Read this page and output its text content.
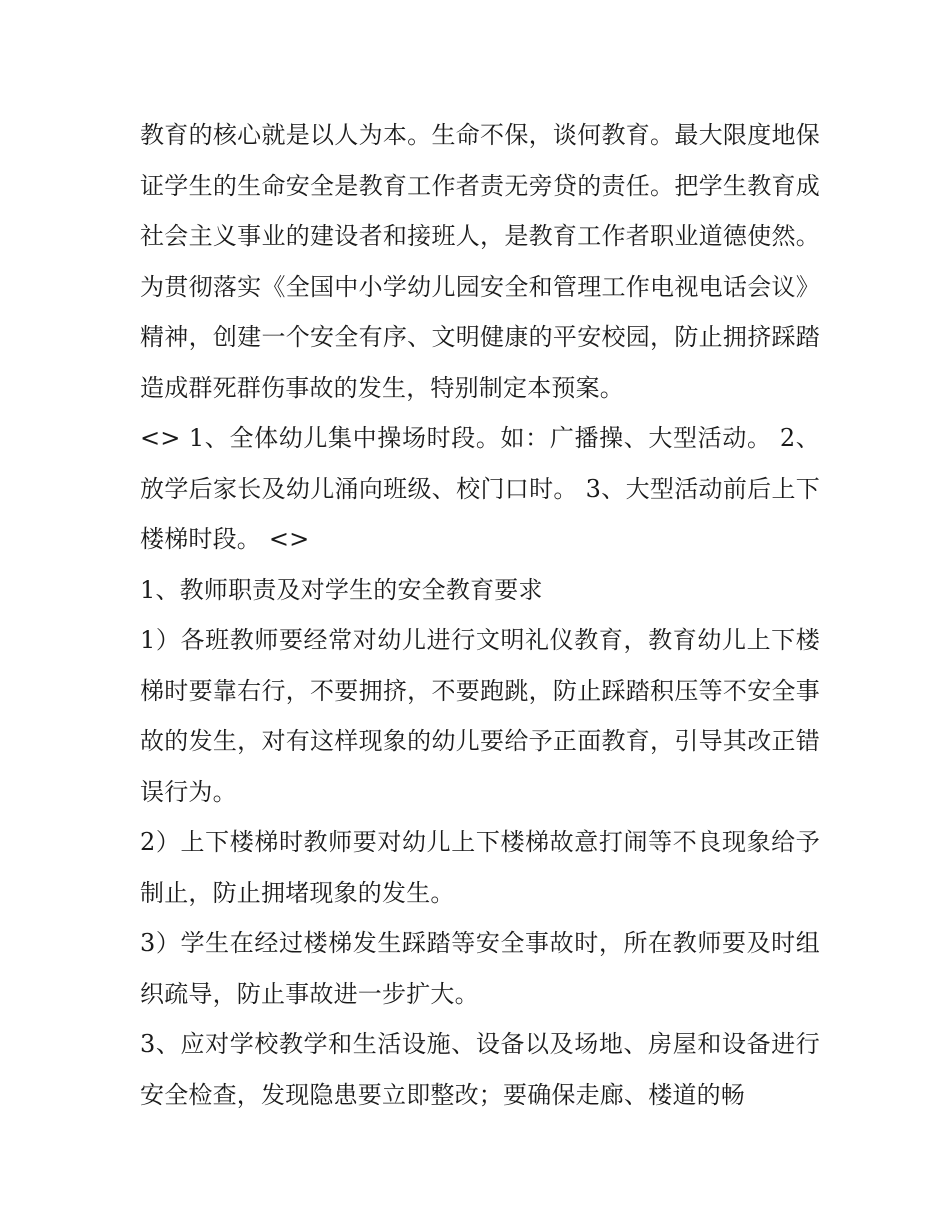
教育的核心就是以人为本。生命不保，谈何教育。最大限度地保证学生的生命安全是教育工作者责无旁贷的责任。把学生教育成社会主义事业的建设者和接班人，是教育工作者职业道德使然。为贯彻落实《全国中小学幼儿园安全和管理工作电视电话会议》精神，创建一个安全有序、文明健康的平安校园，防止拥挤踩踏造成群死群伤事故的发生，特别制定本预案。

<> 1、全体幼儿集中操场时段。如：广播操、大型活动。 2、放学后家长及幼儿涌向班级、校门口时。 3、大型活动前后上下楼梯时段。 <>

1、教师职责及对学生的安全教育要求

1）各班教师要经常对幼儿进行文明礼仪教育，教育幼儿上下楼梯时要靠右行，不要拥挤，不要跑跳，防止踩踏积压等不安全事故的发生，对有这样现象的幼儿要给予正面教育，引导其改正错误行为。

2）上下楼梯时教师要对幼儿上下楼梯故意打闹等不良现象给予制止，防止拥堵现象的发生。

3）学生在经过楼梯发生踩踏等安全事故时，所在教师要及时组织疏导，防止事故进一步扩大。

3、应对学校教学和生活设施、设备以及场地、房屋和设备进行安全检查，发现隐患要立即整改；要确保走廊、楼道的畅
